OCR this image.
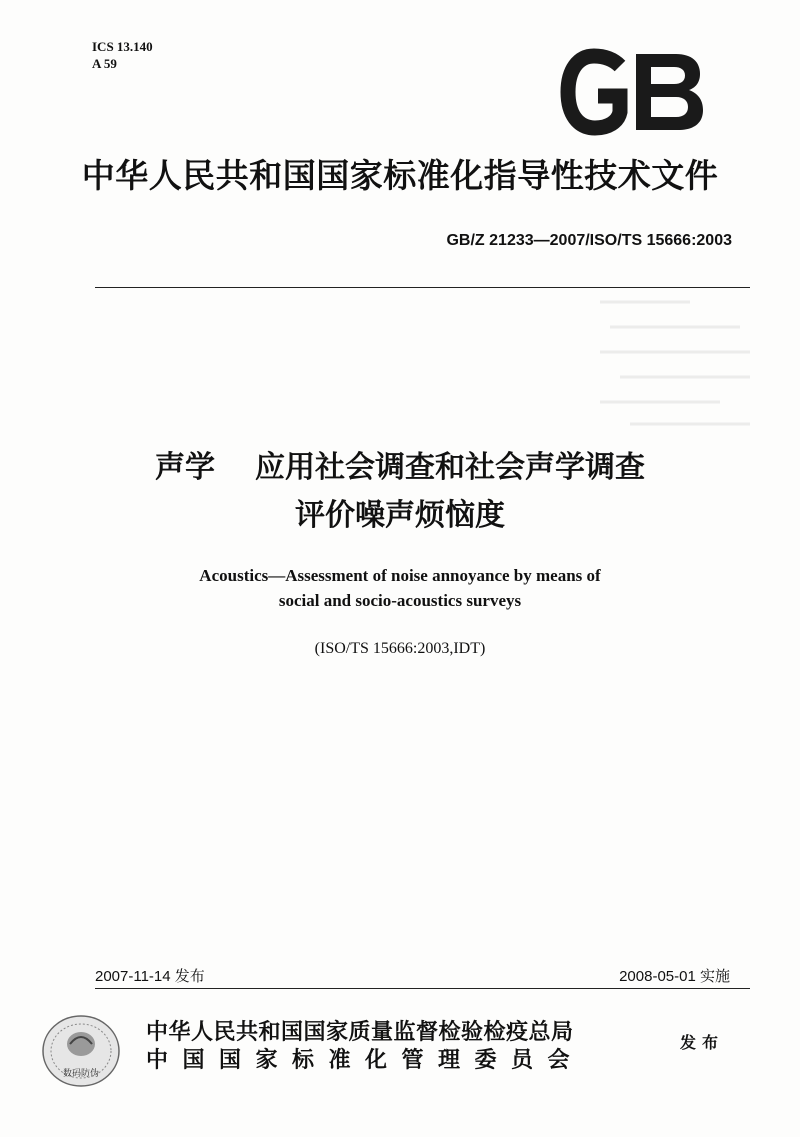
ICS 13.140
A 59
中华人民共和国国家标准化指导性技术文件
GB/Z 21233—2007/ISO/TS 15666:2003
声学 应用社会调查和社会声学调查
评价噪声烦恼度
Acoustics—Assessment of noise annoyance by means of
social and socio-acoustics surveys
(ISO/TS 15666:2003,IDT)
2007-11-14 发布	2008-05-01 实施
数码防伪
中华人民共和国国家质量监督检验检疫总局
中国国家标准化管理委员会
发布
